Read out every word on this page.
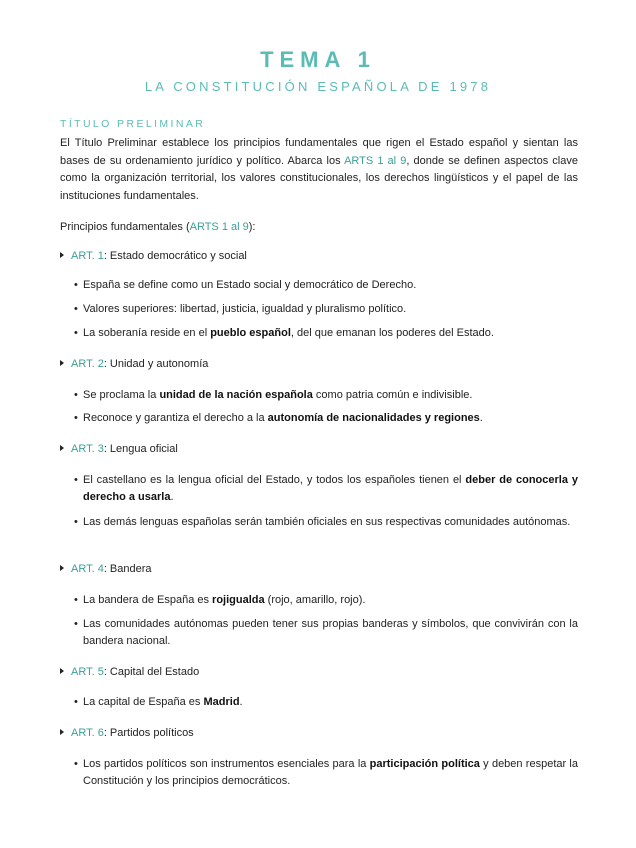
TEMA 1
LA CONSTITUCIÓN ESPAÑOLA DE 1978
TÍTULO PRELIMINAR

El Título Preliminar establece los principios fundamentales que rigen el Estado español y sientan las bases de su ordenamiento jurídico y político. Abarca los ARTS 1 al 9, donde se definen aspectos clave como la organización territorial, los valores constitucionales, los derechos lingüísticos y el papel de las instituciones fundamentales.

Principios fundamentales (ARTS 1 al 9):

ART. 1: Estado democrático y social

• España se define como un Estado social y democrático de Derecho.

• Valores superiores: libertad, justicia, igualdad y pluralismo político.

• La soberanía reside en el pueblo español, del que emanan los poderes del Estado.

ART. 2: Unidad y autonomía

• Se proclama la unidad de la nación española como patria común e indivisible.

• Reconoce y garantiza el derecho a la autonomía de nacionalidades y regiones.

ART. 3: Lengua oficial

• El castellano es la lengua oficial del Estado, y todos los españoles tienen el deber de conocerla y derecho a usarla.

• Las demás lenguas españolas serán también oficiales en sus respectivas comunidades autónomas.

ART. 4: Bandera

• La bandera de España es rojigualda (rojo, amarillo, rojo).

• Las comunidades autónomas pueden tener sus propias banderas y símbolos, que convivirán con la bandera nacional.

ART. 5: Capital del Estado

• La capital de España es Madrid.

ART. 6: Partidos políticos

• Los partidos políticos son instrumentos esenciales para la participación política y deben respetar la Constitución y los principios democráticos.
